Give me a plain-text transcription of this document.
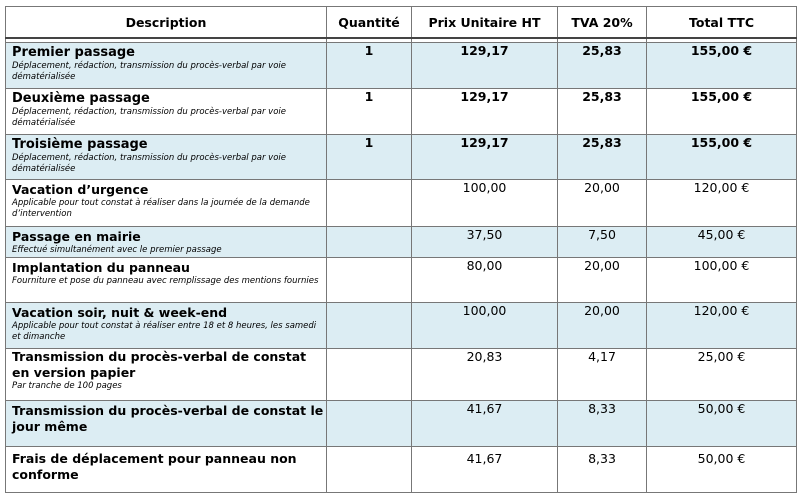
Description	Quantité	Prix Unitaire HT	TVA 20%	Total TTC

Premier passage
Déplacement, rédaction, transmission du procès-verbal par voie dématérialisée	1	129,17	25,83	155,00 €

Deuxième passage
Déplacement, rédaction, transmission du procès-verbal par voie dématérialisée	1	129,17	25,83	155,00 €

Troisième passage
Déplacement, rédaction, transmission du procès-verbal par voie dématérialisée	1	129,17	25,83	155,00 €

Vacation d’urgence
Applicable pour tout constat à réaliser dans la journée de la demande d’intervention		100,00	20,00	120,00 €

Passage en mairie
Effectué simultanément avec le premier passage		37,50	7,50	45,00 €

Implantation du panneau
Fourniture et pose du panneau avec remplissage des mentions fournies		80,00	20,00	100,00 €

Vacation soir, nuit & week-end
Applicable pour tout constat à réaliser entre 18 et 8 heures, les samedi et dimanche		100,00	20,00	120,00 €

Transmission du procès-verbal de constat en version papier
Par tranche de 100 pages		20,83	4,17	25,00 €

Transmission du procès-verbal de constat le jour même		41,67	8,33	50,00 €

Frais de déplacement pour panneau non conforme		41,67	8,33	50,00 €
